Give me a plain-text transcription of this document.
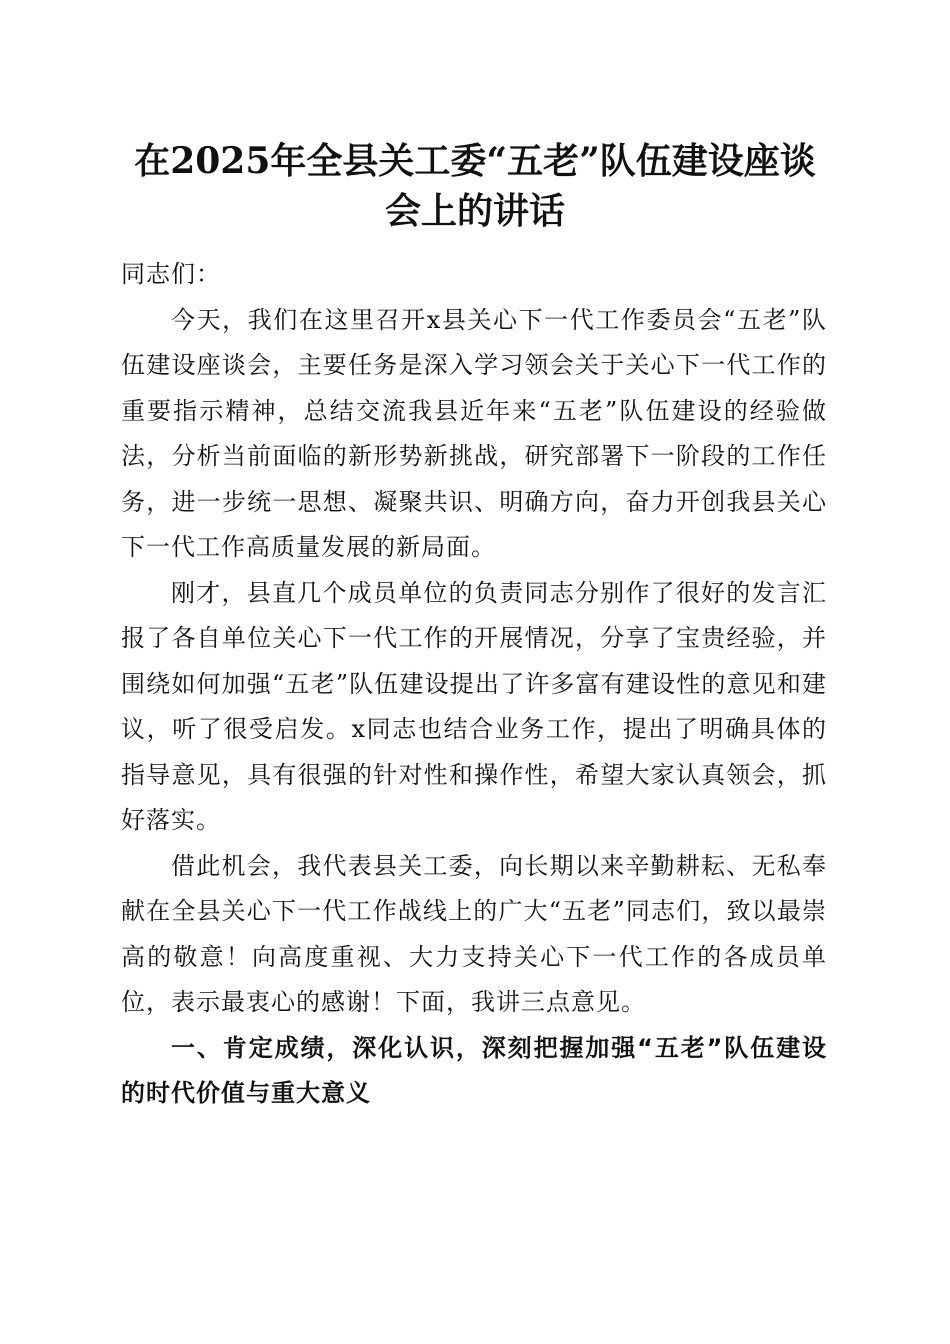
在2025年全县关工委“五老”队伍建设座谈
会上的讲话

同志们：

今天，我们在这里召开x县关心下一代工作委员会“五老”队伍建设座谈会，主要任务是深入学习领会关于关心下一代工作的重要指示精神，总结交流我县近年来“五老”队伍建设的经验做法，分析当前面临的新形势新挑战，研究部署下一阶段的工作任务，进一步统一思想、凝聚共识、明确方向，奋力开创我县关心下一代工作高质量发展的新局面。

刚才，县直几个成员单位的负责同志分别作了很好的发言汇报了各自单位关心下一代工作的开展情况，分享了宝贵经验，并围绕如何加强“五老”队伍建设提出了许多富有建设性的意见和建议，听了很受启发。x同志也结合业务工作，提出了明确具体的指导意见，具有很强的针对性和操作性，希望大家认真领会，抓好落实。

借此机会，我代表县关工委，向长期以来辛勤耕耘、无私奉献在全县关心下一代工作战线上的广大“五老”同志们，致以最崇高的敬意！向高度重视、大力支持关心下一代工作的各成员单位，表示最衷心的感谢！下面，我讲三点意见。

一、肯定成绩，深化认识，深刻把握加强“五老”队伍建设的时代价值与重大意义
